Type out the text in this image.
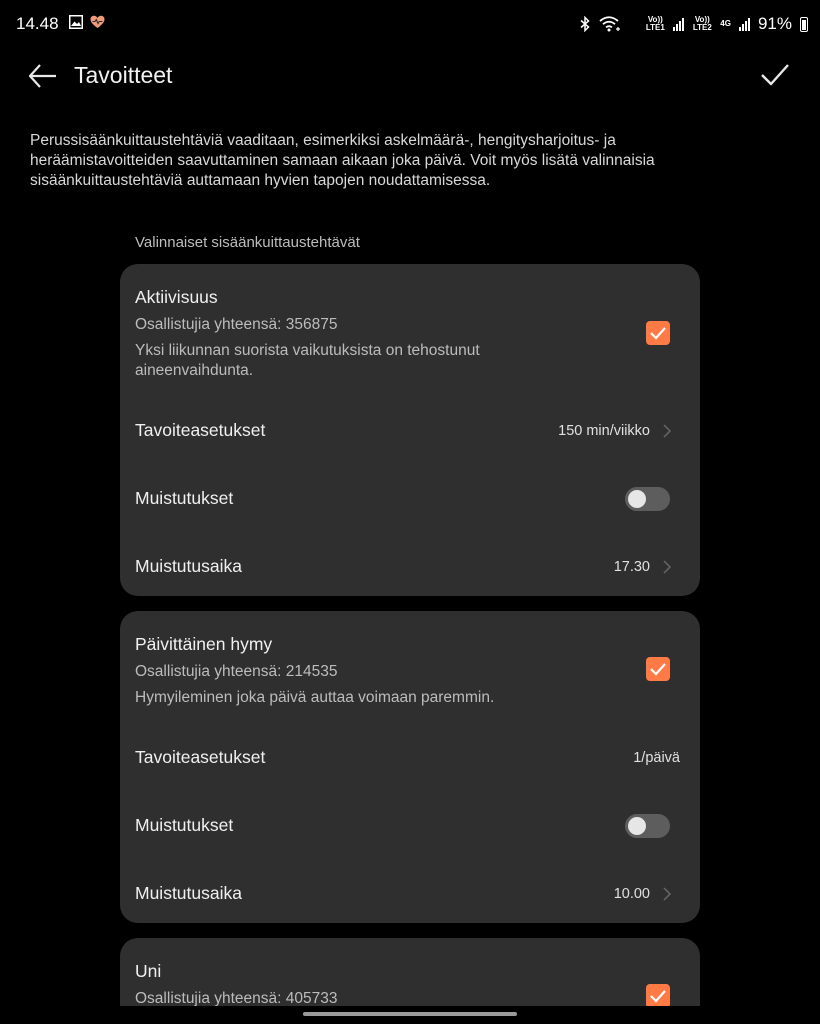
14.48	Vo)) LTE1
Vo)) LTE2 4G 91%
Tavoitteet
Perussisäänkuittaustehtäviä vaaditaan, esimerkiksi askelmäärä-, hengitysharjoitus- ja heräämistavoitteiden saavuttaminen samaan aikaan joka päivä. Voit myös lisätä valinnaisia sisäänkuittaustehtäviä auttamaan hyvien tapojen noudattamisessa.
Valinnaiset sisäänkuittaustehtävät
Aktiivisuus
Osallistujia yhteensä: 356875
Yksi liikunnan suorista vaikutuksista on tehostunut aineenvaihdunta.
Tavoiteasetukset	150 min/viikko
Muistutukset
Muistutusaika	17.30
Päivittäinen hymy
Osallistujia yhteensä: 214535
Hymyileminen joka päivä auttaa voimaan paremmin.
Tavoiteasetukset	1/päivä
Muistutukset
Muistutusaika	10.00
Uni
Osallistujia yhteensä: 405733
